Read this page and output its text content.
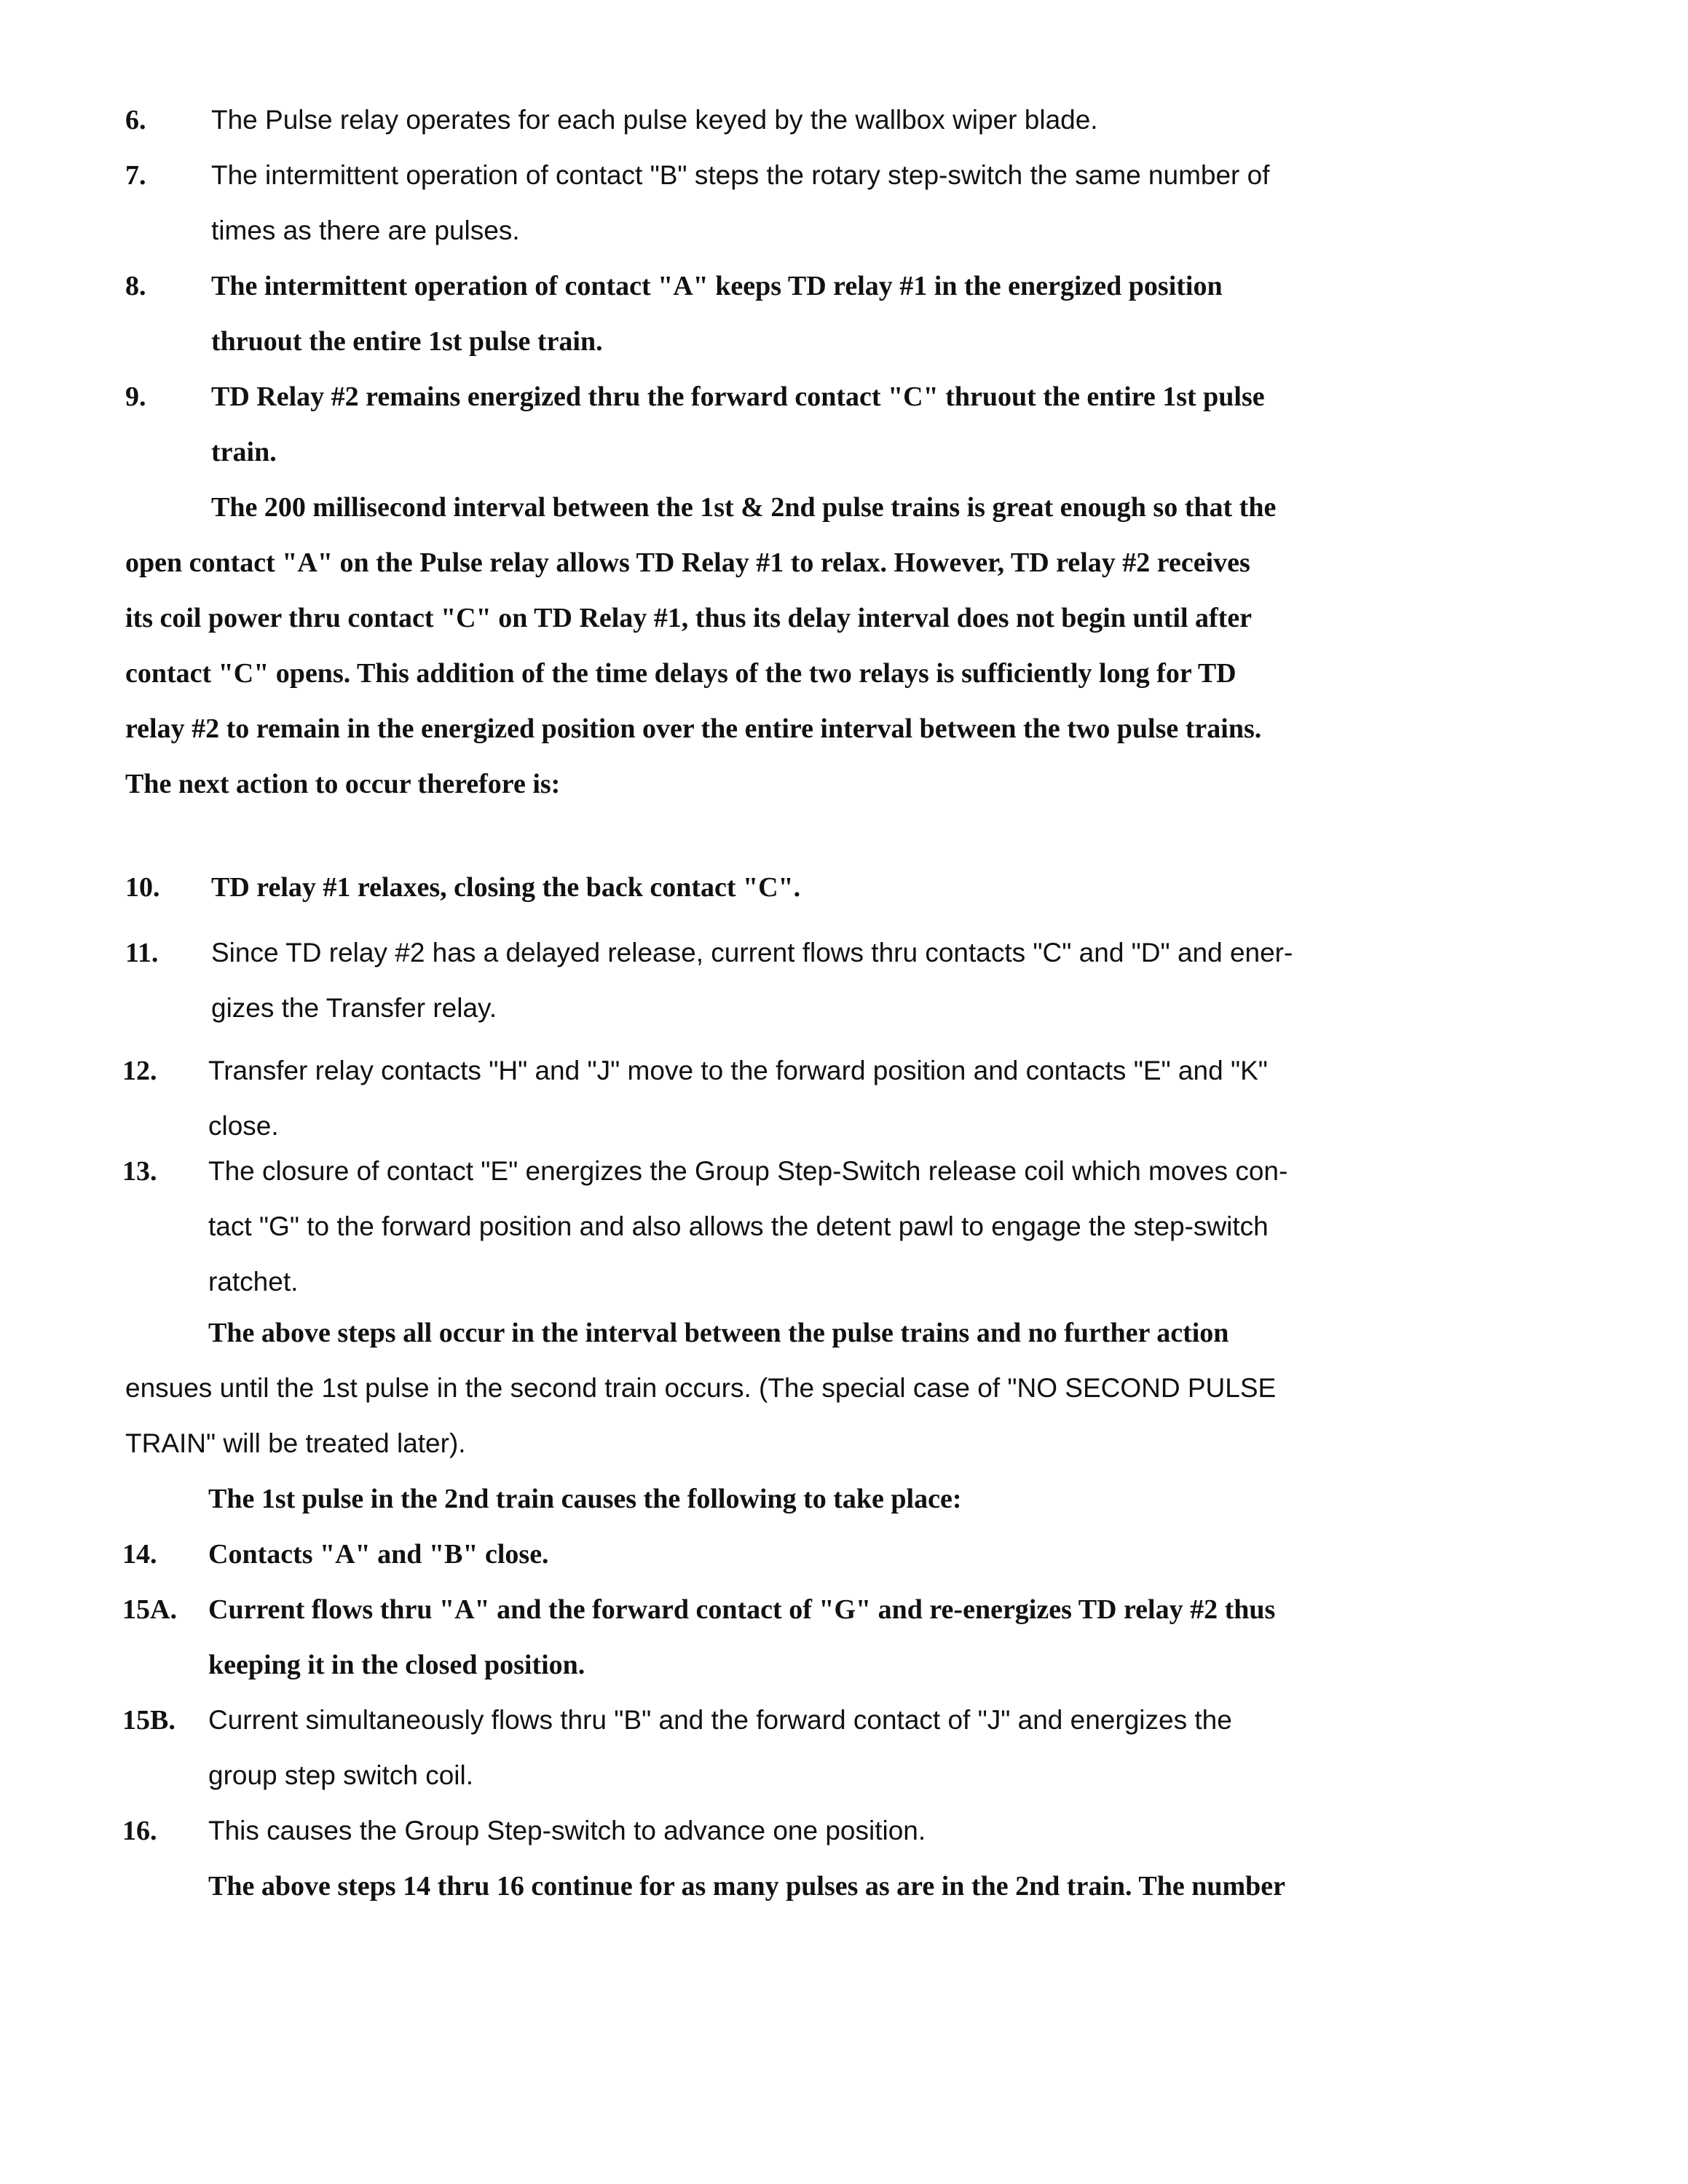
6. The Pulse relay operates for each pulse keyed by the wallbox wiper blade.
7. The intermittent operation of contact "B" steps the rotary step-switch the same number of
times as there are pulses.
8. The intermittent operation of contact "A" keeps TD relay #1 in the energized position
thruout the entire 1st pulse train.
9. TD Relay #2 remains energized thru the forward contact "C" thruout the entire 1st pulse
train.
The 200 millisecond interval between the 1st & 2nd pulse trains is great enough so that the
open contact "A" on the Pulse relay allows TD Relay #1 to relax. However, TD relay #2 receives
its coil power thru contact "C" on TD Relay #1, thus its delay interval does not begin until after
contact "C" opens. This addition of the time delays of the two relays is sufficiently long for TD
relay #2 to remain in the energized position over the entire interval between the two pulse trains.
The next action to occur therefore is:
10. TD relay #1 relaxes, closing the back contact "C".
11. Since TD relay #2 has a delayed release, current flows thru contacts "C" and "D" and ener-
gizes the Transfer relay.
12. Transfer relay contacts "H" and "J" move to the forward position and contacts "E" and "K"
close.
13. The closure of contact "E" energizes the Group Step-Switch release coil which moves con-
tact "G" to the forward position and also allows the detent pawl to engage the step-switch
ratchet.
The above steps all occur in the interval between the pulse trains and no further action
ensues until the 1st pulse in the second train occurs. (The special case of "NO SECOND PULSE
TRAIN" will be treated later).
The 1st pulse in the 2nd train causes the following to take place:
14. Contacts "A" and "B" close.
15A. Current flows thru "A" and the forward contact of "G" and re-energizes TD relay #2 thus
keeping it in the closed position.
15B. Current simultaneously flows thru "B" and the forward contact of "J" and energizes the
group step switch coil.
16. This causes the Group Step-switch to advance one position.
The above steps 14 thru 16 continue for as many pulses as are in the 2nd train. The number
